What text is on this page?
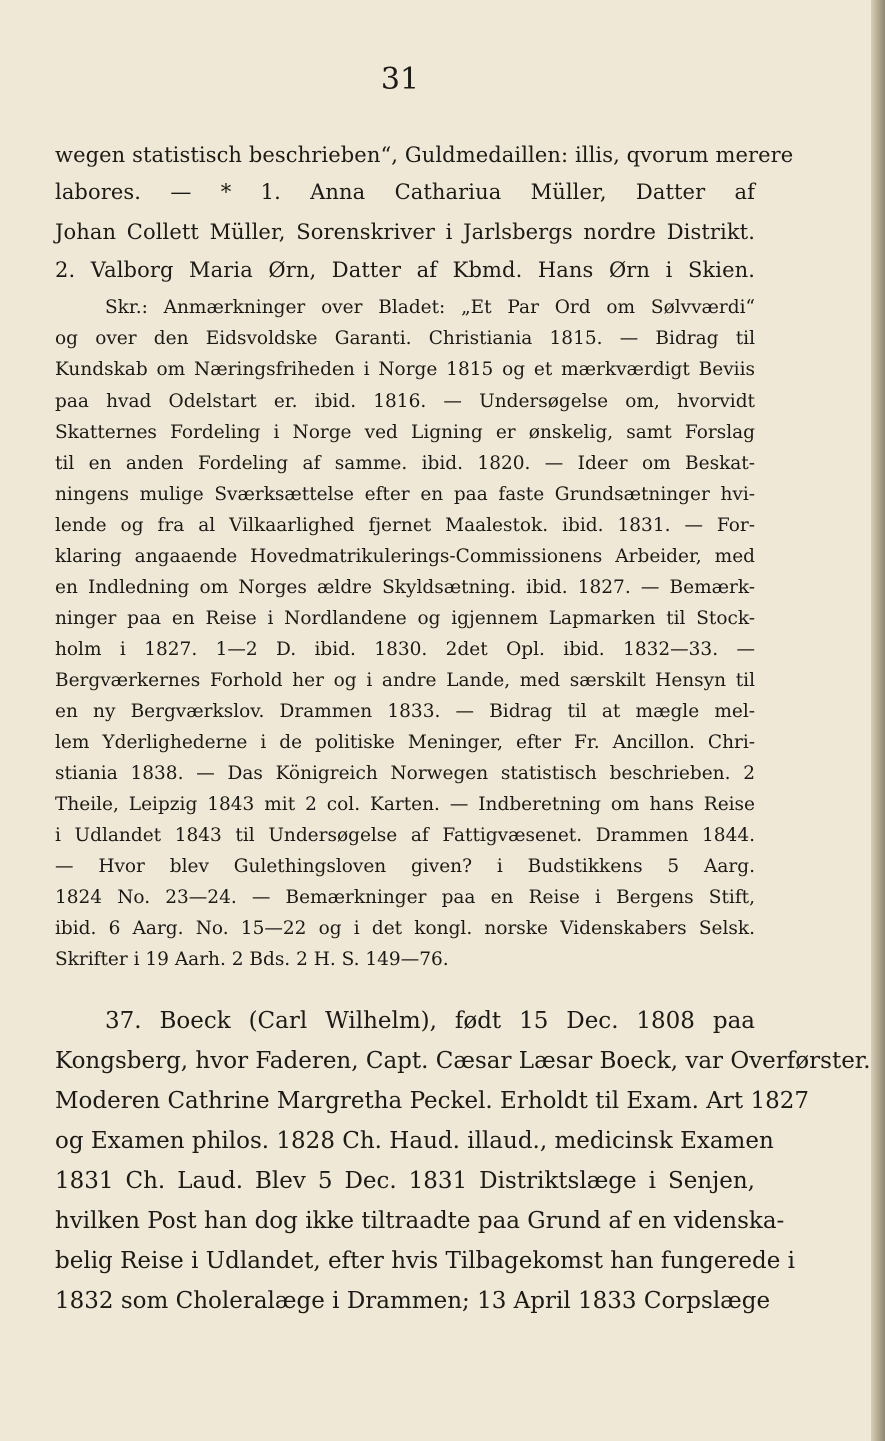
31
wegen statistisch beschrieben“, Guldmedaillen: illis, qvorum merere
labores. — * 1. Anna Cathariua Müller, Datter af
Johan Collett Müller, Sorenskriver i Jarlsbergs nordre Distrikt.
2. Valborg Maria Ørn, Datter af Kbmd. Hans Ørn i Skien.
Skr.: Anmærkninger over Bladet: „Et Par Ord om Sølvværdi“
og over den Eidsvoldske Garanti. Christiania 1815. — Bidrag til
Kundskab om Næringsfriheden i Norge 1815 og et mærkværdigt Beviis
paa hvad Odelstart er. ibid. 1816. — Undersøgelse om, hvorvidt
Skatternes Fordeling i Norge ved Ligning er ønskelig, samt Forslag
til en anden Fordeling af samme. ibid. 1820. — Ideer om Beskat-
ningens mulige Sværksættelse efter en paa faste Grundsætninger hvi-
lende og fra al Vilkaarlighed fjernet Maalestok. ibid. 1831. — For-
klaring angaaende Hovedmatrikulerings-Commissionens Arbeider, med
en Indledning om Norges ældre Skyldsætning. ibid. 1827. — Bemærk-
ninger paa en Reise i Nordlandene og igjennem Lapmarken til Stock-
holm i 1827. 1—2 D. ibid. 1830. 2det Opl. ibid. 1832—33. —
Bergværkernes Forhold her og i andre Lande, med særskilt Hensyn til
en ny Bergværkslov. Drammen 1833. — Bidrag til at mægle mel-
lem Yderlighederne i de politiske Meninger, efter Fr. Ancillon. Chri-
stiania 1838. — Das Königreich Norwegen statistisch beschrieben. 2
Theile, Leipzig 1843 mit 2 col. Karten. — Indberetning om hans Reise
i Udlandet 1843 til Undersøgelse af Fattigvæsenet. Drammen 1844.
— Hvor blev Gulethingsloven given? i Budstikkens 5 Aarg.
1824 No. 23—24. — Bemærkninger paa en Reise i Bergens Stift,
ibid. 6 Aarg. No. 15—22 og i det kongl. norske Videnskabers Selsk.
Skrifter i 19 Aarh. 2 Bds. 2 H. S. 149—76.
37. Boeck (Carl Wilhelm), født 15 Dec. 1808 paa
Kongsberg, hvor Faderen, Capt. Cæsar Læsar Boeck, var Overførster.
Moderen Cathrine Margretha Peckel. Erholdt til Exam. Art 1827
og Examen philos. 1828 Ch. Haud. illaud., medicinsk Examen
1831 Ch. Laud. Blev 5 Dec. 1831 Distriktslæge i Senjen,
hvilken Post han dog ikke tiltraadte paa Grund af en videnska-
belig Reise i Udlandet, efter hvis Tilbagekomst han fungerede i
1832 som Choleralæge i Drammen; 13 April 1833 Corpslæge
